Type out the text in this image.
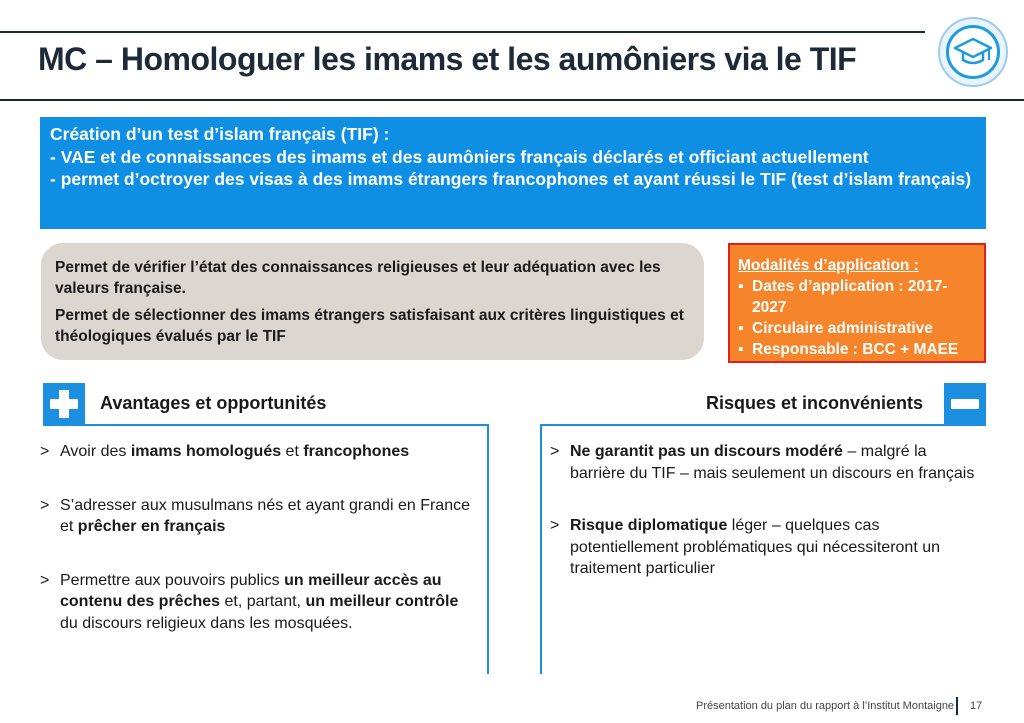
MC – Homologuer les imams et les aumôniers via le TIF
Création d’un test d’islam français (TIF) :
- VAE et de connaissances des imams et des aumôniers français déclarés et officiant actuellement
- permet d’octroyer des visas à des imams étrangers francophones et ayant réussi le TIF (test d’islam français)

Permet de vérifier l’état des connaissances religieuses et leur adéquation avec les valeurs française.

Permet de sélectionner des imams étrangers satisfaisant aux critères linguistiques et théologiques évalués par le TIF

Modalités d’application :
▪ Dates d’application : 2017-2027
▪ Circulaire administrative
▪ Responsable : BCC + MAEE
Avantages et opportunités	Risques et inconvénients
> Avoir des imams homologués et francophones
> S’adresser aux musulmans nés et ayant grandi en France et prêcher en français
> Permettre aux pouvoirs publics un meilleur accès au contenu des prêches et, partant, un meilleur contrôle du discours religieux dans les mosquées.
> Ne garantit pas un discours modéré – malgré la barrière du TIF – mais seulement un discours en français
> Risque diplomatique léger – quelques cas potentiellement problématiques qui nécessiteront un traitement particulier
Présentation du plan du rapport à l’Institut Montaigne 17
